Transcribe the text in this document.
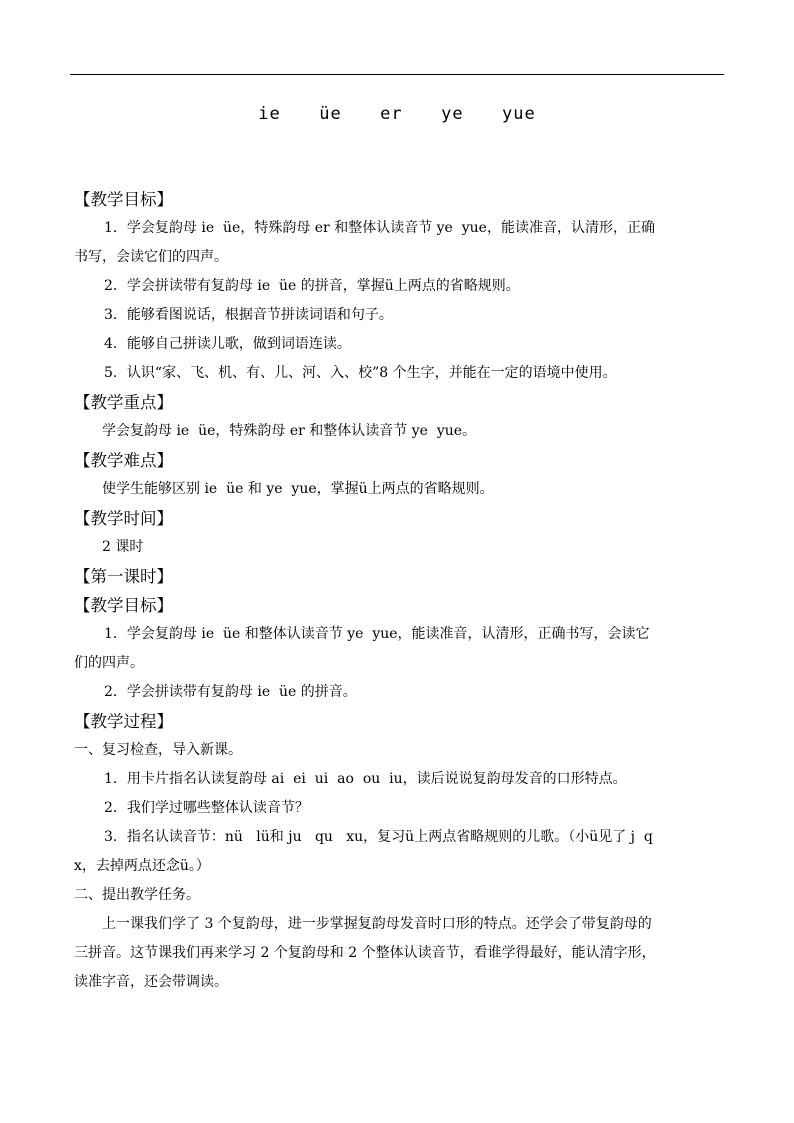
ie  üe  er  ye  yue

【教学目标】

1．学会复韵母 ie  üe，特殊韵母 er 和整体认读音节 ye  yue，能读准音，认清形，正确

书写，会读它们的四声。

2．学会拼读带有复韵母 ie  üe 的拼音，掌握ü上两点的省略规则。

3．能够看图说话，根据音节拼读词语和句子。

4．能够自己拼读儿歌，做到词语连读。

5．认识“家、飞、机、有、儿、河、入、校”8 个生字，并能在一定的语境中使用。

【教学重点】

学会复韵母 ie  üe，特殊韵母 er 和整体认读音节 ye  yue。

【教学难点】

使学生能够区别 ie  üe 和 ye  yue，掌握ü上两点的省略规则。

【教学时间】

2 课时

【第一课时】

【教学目标】

1．学会复韵母 ie  üe 和整体认读音节 ye  yue，能读准音，认清形，正确书写，会读它

们的四声。

2．学会拼读带有复韵母 ie  üe 的拼音。

【教学过程】

一、复习检查，导入新课。

1．用卡片指名认读复韵母 ai  ei  ui  ao  ou  iu，读后说说复韵母发音的口形特点。

2．我们学过哪些整体认读音节？

3．指名认读音节：nü   lü和 ju   qu   xu，复习ü上两点省略规则的儿歌。（小ü见了 j  q

x，去掉两点还念ü。）

二、提出教学任务。

上一课我们学了 3 个复韵母，进一步掌握复韵母发音时口形的特点。还学会了带复韵母的

三拼音。这节课我们再来学习 2 个复韵母和 2 个整体认读音节，看谁学得最好，能认清字形，

读准字音，还会带调读。
